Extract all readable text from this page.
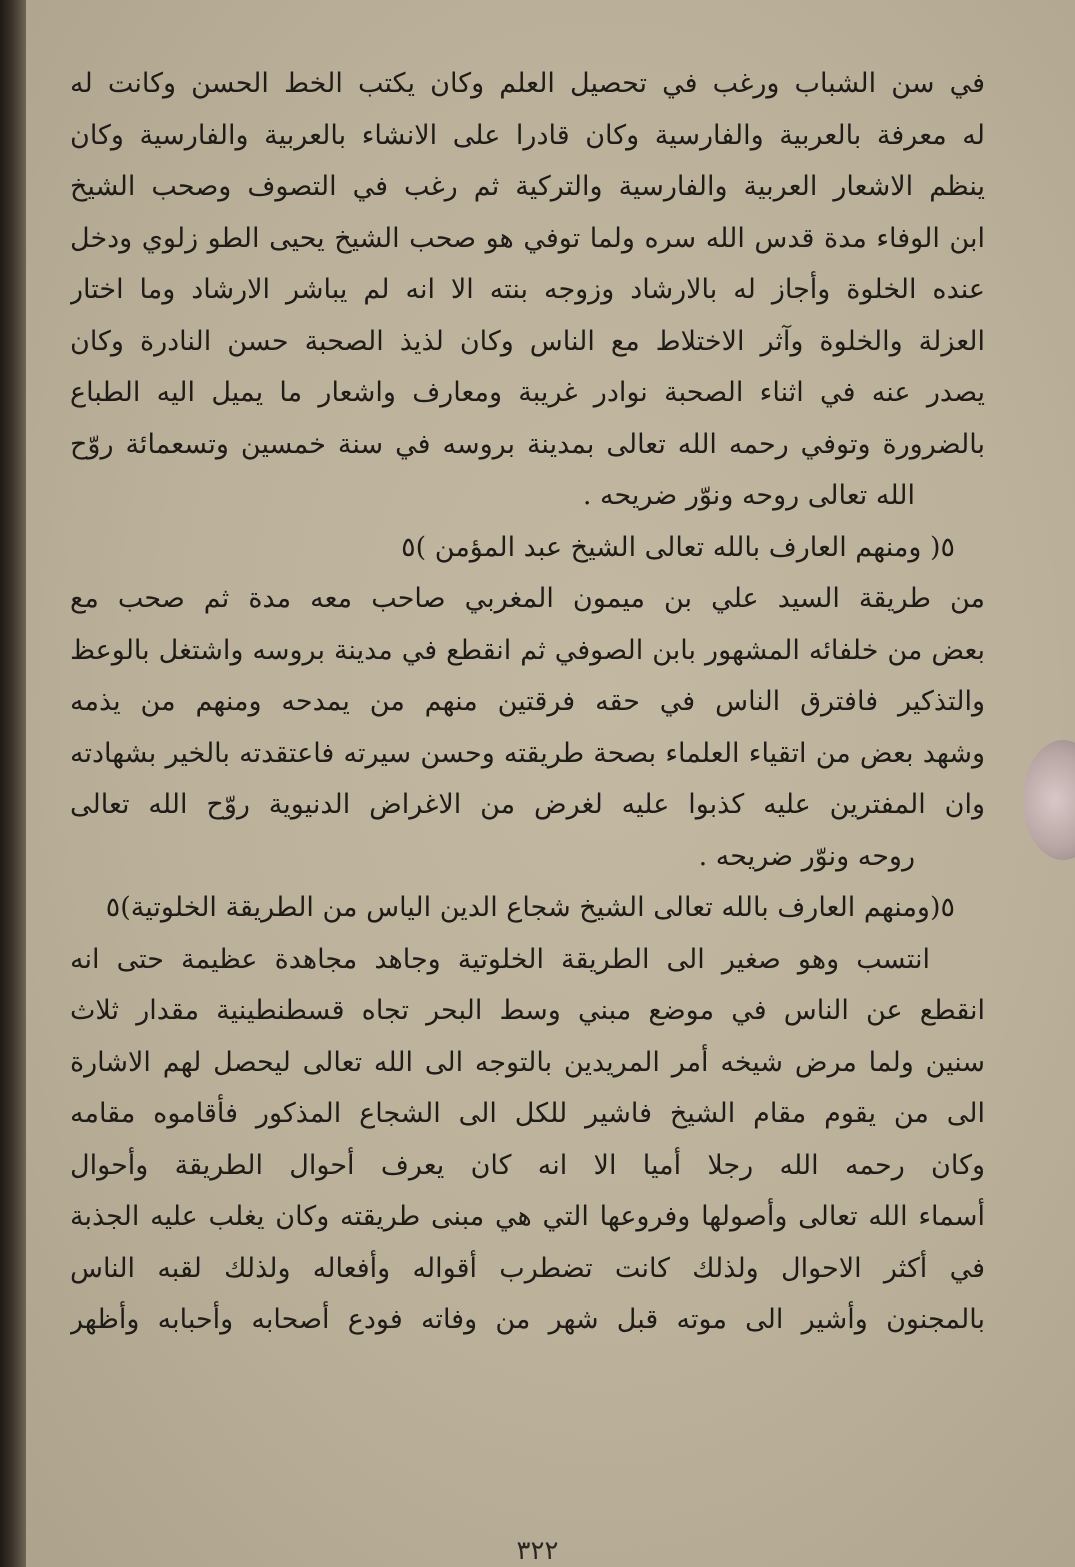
في سن الشباب ورغب في تحصيل العلم وكان يكتب الخط الحسن وكانت له
له معرفة بالعربية والفارسية وكان قادرا على الانشاء بالعربية والفارسية وكان
ينظم الاشعار العربية والفارسية والتركية ثم رغب في التصوف وصحب الشيخ
ابن الوفاء مدة قدس الله سره ولما توفي هو صحب الشيخ يحيى الطو زلوي ودخل
عنده الخلوة وأجاز له بالارشاد وزوجه بنته الا انه لم يباشر الارشاد وما اختار
العزلة والخلوة وآثر الاختلاط مع الناس وكان لذيذ الصحبة حسن النادرة وكان
يصدر عنه في اثناء الصحبة نوادر غريبة ومعارف واشعار ما يميل اليه الطباع
بالضرورة وتوفي رحمه الله تعالى بمدينة بروسه في سنة خمسين وتسعمائة روّح
الله تعالى روحه ونوّر ضريحه .
٥( ومنهم العارف بالله تعالى الشيخ عبد المؤمن )٥
من طريقة السيد علي بن ميمون المغربي صاحب معه مدة ثم صحب مع
بعض من خلفائه المشهور بابن الصوفي ثم انقطع في مدينة بروسه واشتغل بالوعظ
والتذكير فافترق الناس في حقه فرقتين منهم من يمدحه ومنهم من يذمه
وشهد بعض من اتقياء العلماء بصحة طريقته وحسن سيرته فاعتقدته بالخير بشهادته
وان المفترين عليه كذبوا عليه لغرض من الاغراض الدنيوية روّح الله تعالى
روحه ونوّر ضريحه .
٥(ومنهم العارف بالله تعالى الشيخ شجاع الدين الياس من الطريقة الخلوتية)٥
انتسب وهو صغير الى الطريقة الخلوتية وجاهد مجاهدة عظيمة حتى انه
انقطع عن الناس في موضع مبني وسط البحر تجاه قسطنطينية مقدار ثلاث
سنين ولما مرض شيخه أمر المريدين بالتوجه الى الله تعالى ليحصل لهم الاشارة
الى من يقوم مقام الشيخ فاشير للكل الى الشجاع المذكور فأقاموه مقامه
وكان رحمه الله رجلا أميا الا انه كان يعرف أحوال الطريقة وأحوال
أسماء الله تعالى وأصولها وفروعها التي هي مبنى طريقته وكان يغلب عليه الجذبة
في أكثر الاحوال ولذلك كانت تضطرب أقواله وأفعاله ولذلك لقبه الناس
بالمجنون وأشير الى موته قبل شهر من وفاته فودع أصحابه وأحبابه وأظهر
٣٢٢
